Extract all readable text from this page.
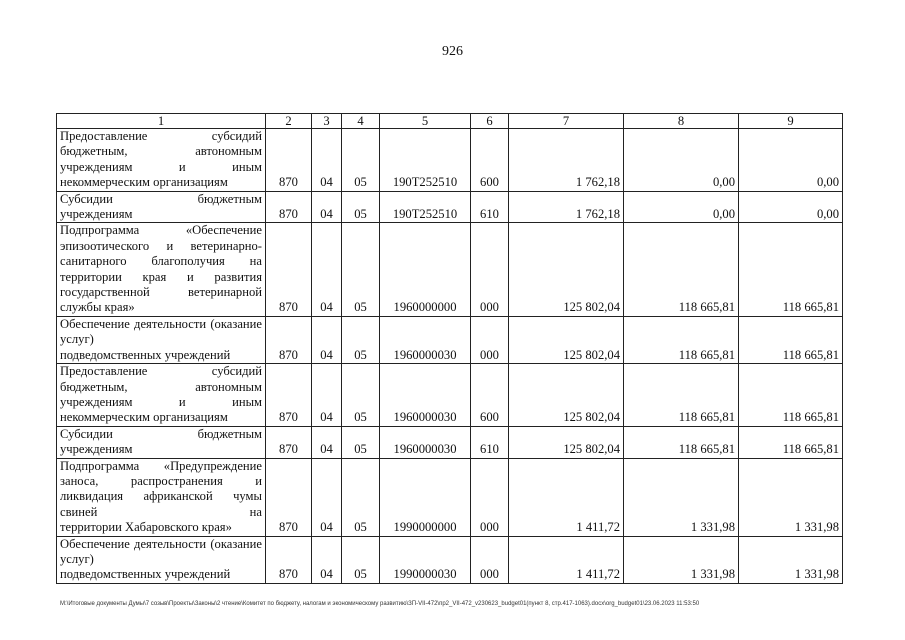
926
1	2	3	4	5	6	7	8	9
Предоставление субсидий бюджетным, автономным учреждениям и иным
некоммерческим организациям	870	04	05	190Т252510	600	1 762,18	0,00	0,00
Субсидии бюджетным
учреждениям	870	04	05	190Т252510	610	1 762,18	0,00	0,00
Подпрограмма «Обеспечение эпизоотического и ветеринарно- санитарного благополучия на территории края и развития государственной ветеринарной
службы края»	870	04	05	1960000000	000	125 802,04	118 665,81	118 665,81
Обеспечение деятельности (оказание услуг)
подведомственных учреждений	870	04	05	1960000030	000	125 802,04	118 665,81	118 665,81
Предоставление субсидий бюджетным, автономным учреждениям и иным
некоммерческим организациям	870	04	05	1960000030	600	125 802,04	118 665,81	118 665,81
Субсидии бюджетным
учреждениям	870	04	05	1960000030	610	125 802,04	118 665,81	118 665,81
Подпрограмма «Предупреждение заноса, распространения и ликвидация африканской чумы свиней на
территории Хабаровского края»	870	04	05	1990000000	000	1 411,72	1 331,98	1 331,98
Обеспечение деятельности (оказание услуг)
подведомственных учреждений	870	04	05	1990000030	000	1 411,72	1 331,98	1 331,98
М:\Итоговые документы Думы\7 созыв\Проекты\Законы\2 чтение\Комитет по бюджету, налогам и экономическому развитию\ЗП-VII-472\пр2_VII-472_v230623_budget01(пункт 8, стр.417-1063).docx\org_budget01\23.06.2023 11:53:50
